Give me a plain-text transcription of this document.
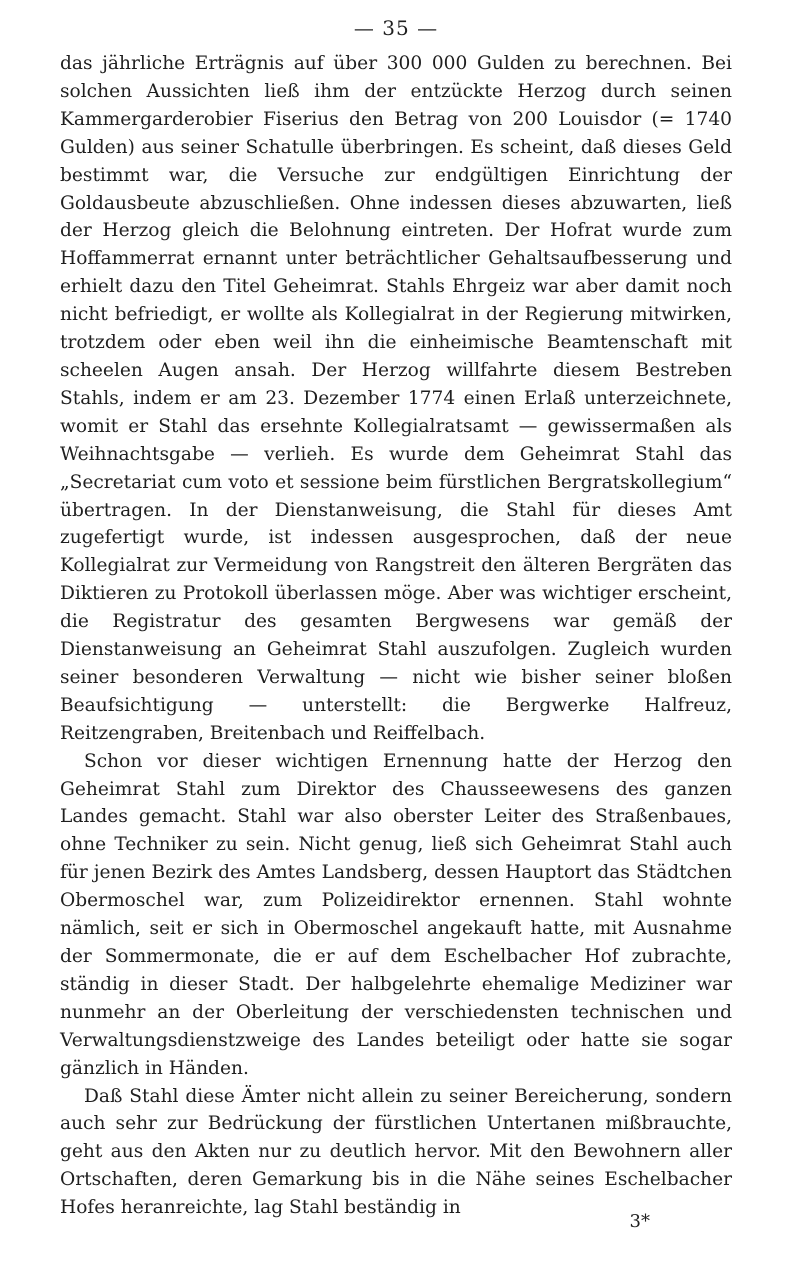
— 35 —

das jährliche Erträgnis auf über 300 000 Gulden zu berechnen. Bei solchen Aussichten ließ ihm der entzückte Herzog durch seinen Kammergarderobier Fiserius den Betrag von 200 Louisdor (= 1740 Gulden) aus seiner Schatulle überbringen. Es scheint, daß dieses Geld bestimmt war, die Versuche zur endgültigen Einrichtung der Goldausbeute abzuschließen. Ohne indessen dieses abzuwarten, ließ der Herzog gleich die Belohnung eintreten. Der Hofrat wurde zum Hoffammerrat ernannt unter beträchtlicher Gehaltsaufbesserung und erhielt dazu den Titel Geheimrat. Stahls Ehrgeiz war aber damit noch nicht befriedigt, er wollte als Kollegialrat in der Regierung mitwirken, trotzdem oder eben weil ihn die einheimische Beamtenschaft mit scheelen Augen ansah. Der Herzog willfahrte diesem Bestreben Stahls, indem er am 23. Dezember 1774 einen Erlaß unterzeichnete, womit er Stahl das ersehnte Kollegialratsamt — gewissermaßen als Weihnachtsgabe — verlieh. Es wurde dem Geheimrat Stahl das „Secretariat cum voto et sessione beim fürstlichen Bergratskollegium“ übertragen. In der Dienstanweisung, die Stahl für dieses Amt zugefertigt wurde, ist indessen ausgesprochen, daß der neue Kollegialrat zur Vermeidung von Rangstreit den älteren Bergräten das Diktieren zu Protokoll überlassen möge. Aber was wichtiger erscheint, die Registratur des gesamten Bergwesens war gemäß der Dienstanweisung an Geheimrat Stahl auszufolgen. Zugleich wurden seiner besonderen Verwaltung — nicht wie bisher seiner bloßen Beaufsichtigung — unterstellt: die Bergwerke Halfreuz, Reitzengraben, Breitenbach und Reiffelbach.

Schon vor dieser wichtigen Ernennung hatte der Herzog den Geheimrat Stahl zum Direktor des Chausseewesens des ganzen Landes gemacht. Stahl war also oberster Leiter des Straßenbaues, ohne Techniker zu sein. Nicht genug, ließ sich Geheimrat Stahl auch für jenen Bezirk des Amtes Landsberg, dessen Hauptort das Städtchen Obermoschel war, zum Polizeidirektor ernennen. Stahl wohnte nämlich, seit er sich in Obermoschel angekauft hatte, mit Ausnahme der Sommermonate, die er auf dem Eschelbacher Hof zubrachte, ständig in dieser Stadt. Der halbgelehrte ehemalige Mediziner war nunmehr an der Oberleitung der verschiedensten technischen und Verwaltungsdienstzweige des Landes beteiligt oder hatte sie sogar gänzlich in Händen.

Daß Stahl diese Ämter nicht allein zu seiner Bereicherung, sondern auch sehr zur Bedrückung der fürstlichen Untertanen mißbrauchte, geht aus den Akten nur zu deutlich hervor. Mit den Bewohnern aller Ortschaften, deren Gemarkung bis in die Nähe seines Eschelbacher Hofes heranreichte, lag Stahl beständig in

3*
